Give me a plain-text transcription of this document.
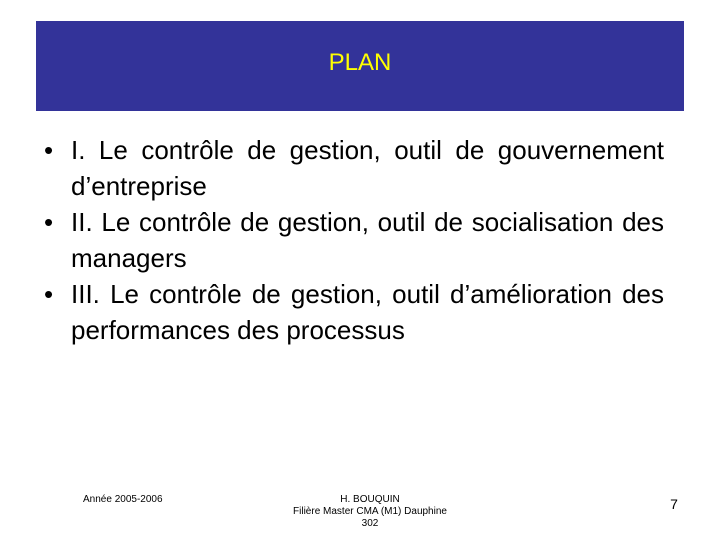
PLAN
• I. Le contrôle de gestion, outil de gouvernement d’entreprise
• II. Le contrôle de gestion, outil de socialisation des managers
• III. Le contrôle de gestion, outil d’amélioration des performances des processus
Année 2005-2006	H. BOUQUIN
Filière Master CMA (M1) Dauphine
302
7
